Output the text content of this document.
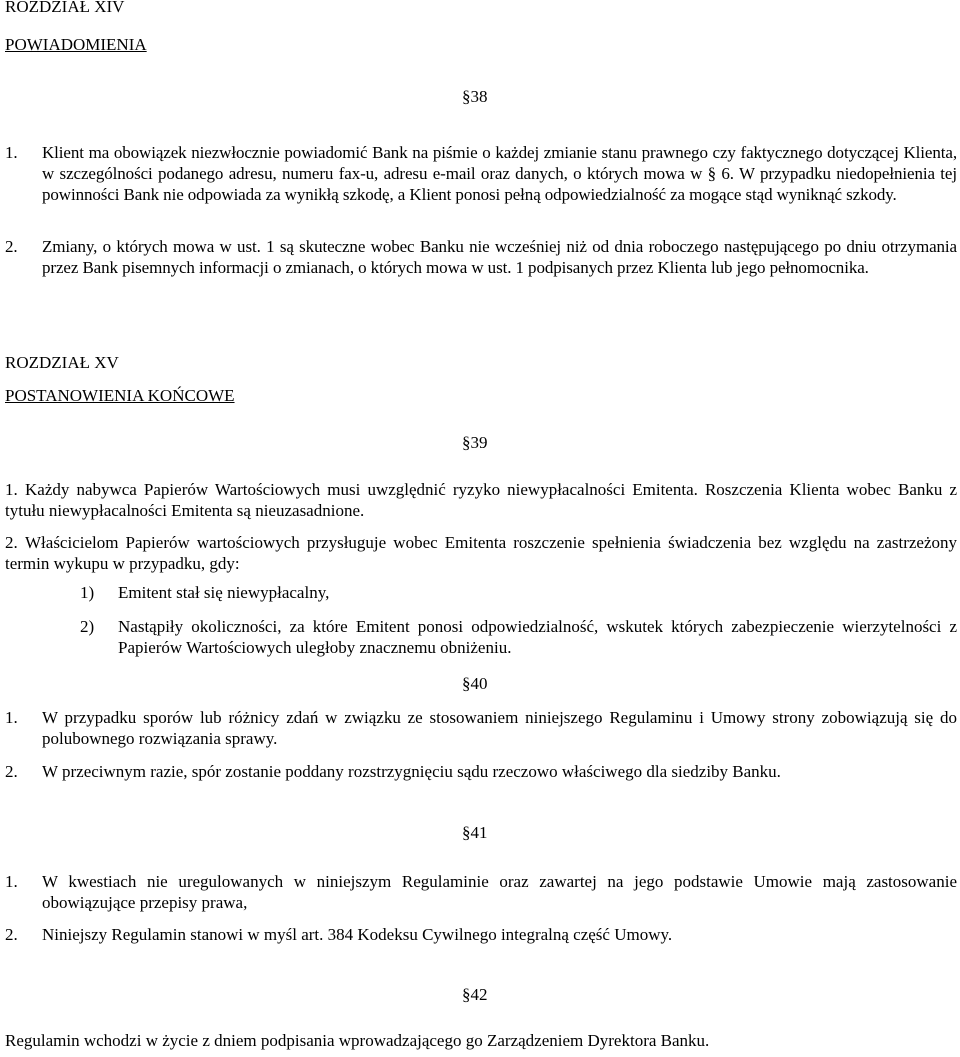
ROZDZIAŁ XIV
POWIADOMIENIA
§38
1. Klient ma obowiązek niezwłocznie powiadomić Bank na piśmie o każdej zmianie stanu prawnego czy faktycznego dotyczącej Klienta, w szczególności podanego adresu, numeru fax-u, adresu e-mail oraz danych, o których mowa w § 6. W przypadku niedopełnienia tej powinności Bank nie odpowiada za wynikłą szkodę, a Klient ponosi pełną odpowiedzialność za mogące stąd wyniknąć szkody.
2. Zmiany, o których mowa w ust. 1 są skuteczne wobec Banku nie wcześniej niż od dnia roboczego następującego po dniu otrzymania przez Bank pisemnych informacji o zmianach, o których mowa w ust. 1 podpisanych przez Klienta lub jego pełnomocnika.
ROZDZIAŁ XV
POSTANOWIENIA KOŃCOWE
§39
1. Każdy nabywca Papierów Wartościowych musi uwzględnić ryzyko niewypłacalności Emitenta. Roszczenia Klienta wobec Banku z tytułu niewypłacalności Emitenta są nieuzasadnione.
2. Właścicielom Papierów wartościowych przysługuje wobec Emitenta roszczenie spełnienia świadczenia bez względu na zastrzeżony termin wykupu w przypadku, gdy:
1) Emitent stał się niewypłacalny,
2) Nastąpiły okoliczności, za które Emitent ponosi odpowiedzialność, wskutek których zabezpieczenie wierzytelności z Papierów Wartościowych uległoby znacznemu obniżeniu.
§40
1. W przypadku sporów lub różnicy zdań w związku ze stosowaniem niniejszego Regulaminu i Umowy strony zobowiązują się do polubownego rozwiązania sprawy.
2. W przeciwnym razie, spór zostanie poddany rozstrzygnięciu sądu rzeczowo właściwego dla siedziby Banku.
§41
1. W kwestiach nie uregulowanych w niniejszym Regulaminie oraz zawartej na jego podstawie Umowie mają zastosowanie obowiązujące przepisy prawa,
2. Niniejszy Regulamin stanowi w myśl art. 384 Kodeksu Cywilnego integralną część Umowy.
§42
Regulamin wchodzi w życie z dniem podpisania wprowadzającego go Zarządzeniem Dyrektora Banku.
